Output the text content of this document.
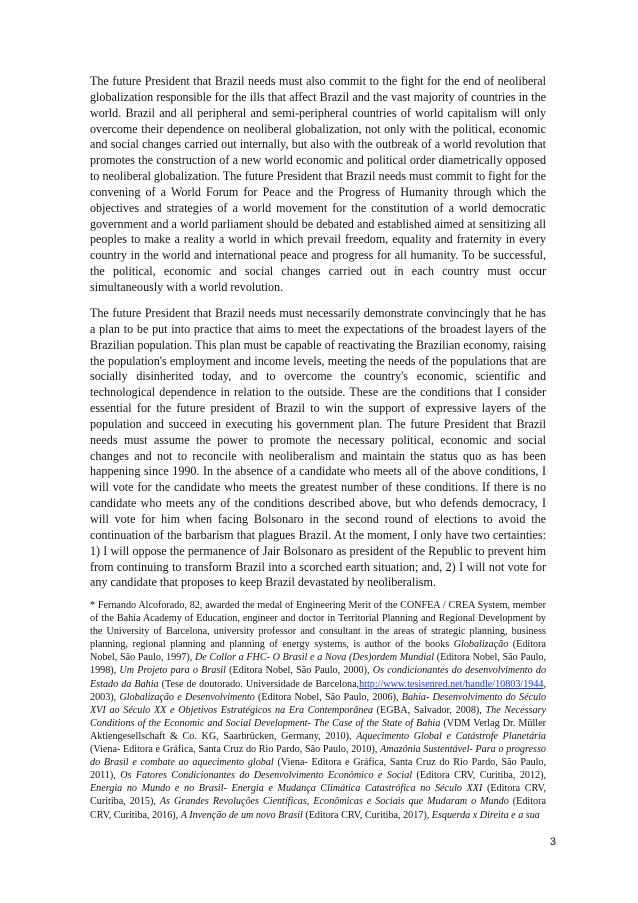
The future President that Brazil needs must also commit to the fight for the end of neoliberal globalization responsible for the ills that affect Brazil and the vast majority of countries in the world. Brazil and all peripheral and semi-peripheral countries of world capitalism will only overcome their dependence on neoliberal globalization, not only with the political, economic and social changes carried out internally, but also with the outbreak of a world revolution that promotes the construction of a new world economic and political order diametrically opposed to neoliberal globalization. The future President that Brazil needs must commit to fight for the convening of a World Forum for Peace and the Progress of Humanity through which the objectives and strategies of a world movement for the constitution of a world democratic government and a world parliament should be debated and established aimed at sensitizing all peoples to make a reality a world in which prevail freedom, equality and fraternity in every country in the world and international peace and progress for all humanity. To be successful, the political, economic and social changes carried out in each country must occur simultaneously with a world revolution.

The future President that Brazil needs must necessarily demonstrate convincingly that he has a plan to be put into practice that aims to meet the expectations of the broadest layers of the Brazilian population. This plan must be capable of reactivating the Brazilian economy, raising the population's employment and income levels, meeting the needs of the populations that are socially disinherited today, and to overcome the country's economic, scientific and technological dependence in relation to the outside. These are the conditions that I consider essential for the future president of Brazil to win the support of expressive layers of the population and succeed in executing his government plan. The future President that Brazil needs must assume the power to promote the necessary political, economic and social changes and not to reconcile with neoliberalism and maintain the status quo as has been happening since 1990. In the absence of a candidate who meets all of the above conditions, I will vote for the candidate who meets the greatest number of these conditions. If there is no candidate who meets any of the conditions described above, but who defends democracy, I will vote for him when facing Bolsonaro in the second round of elections to avoid the continuation of the barbarism that plagues Brazil. At the moment, I only have two certainties: 1) I will oppose the permanence of Jair Bolsonaro as president of the Republic to prevent him from continuing to transform Brazil into a scorched earth situation; and, 2) I will not vote for any candidate that proposes to keep Brazil devastated by neoliberalism.

* Fernando Alcoforado, 82, awarded the medal of Engineering Merit of the CONFEA / CREA System, member of the Bahia Academy of Education, engineer and doctor in Territorial Planning and Regional Development by the University of Barcelona, university professor and consultant in the areas of strategic planning, business planning, regional planning and planning of energy systems, is author of the books Globalização (Editora Nobel, São Paulo, 1997), De Collor a FHC- O Brasil e a Nova (Des)ordem Mundial (Editora Nobel, São Paulo, 1998), Um Projeto para o Brasil (Editora Nobel, São Paulo, 2000), Os condicionantes do desenvolvimento do Estado da Bahia (Tese de doutorado. Universidade de Barcelona,http://www.tesisenred.net/handle/10803/1944, 2003), Globalização e Desenvolvimento (Editora Nobel, São Paulo, 2006), Bahia- Desenvolvimento do Século XVI ao Século XX e Objetivos Estratégicos na Era Contemporânea (EGBA, Salvador, 2008), The Necessary Conditions of the Economic and Social Development- The Case of the State of Bahia (VDM Verlag Dr. Müller Aktiengesellschaft & Co. KG, Saarbrücken, Germany, 2010), Aquecimento Global e Catástrofe Planetária (Viena- Editora e Gráfica, Santa Cruz do Rio Pardo, São Paulo, 2010), Amazônia Sustentável- Para o progresso do Brasil e combate ao aquecimento global (Viena- Editora e Gráfica, Santa Cruz do Rio Pardo, São Paulo, 2011), Os Fatores Condicionantes do Desenvolvimento Econômico e Social (Editora CRV, Curitiba, 2012), Energia no Mundo e no Brasil- Energia e Mudança Climática Catastrófica no Século XXI (Editora CRV, Curitiba, 2015), As Grandes Revoluções Científicas, Econômicas e Sociais que Mudaram o Mundo (Editora CRV, Curitiba, 2016), A Invenção de um novo Brasil (Editora CRV, Curitiba, 2017), Esquerda x Direita e a sua

3
